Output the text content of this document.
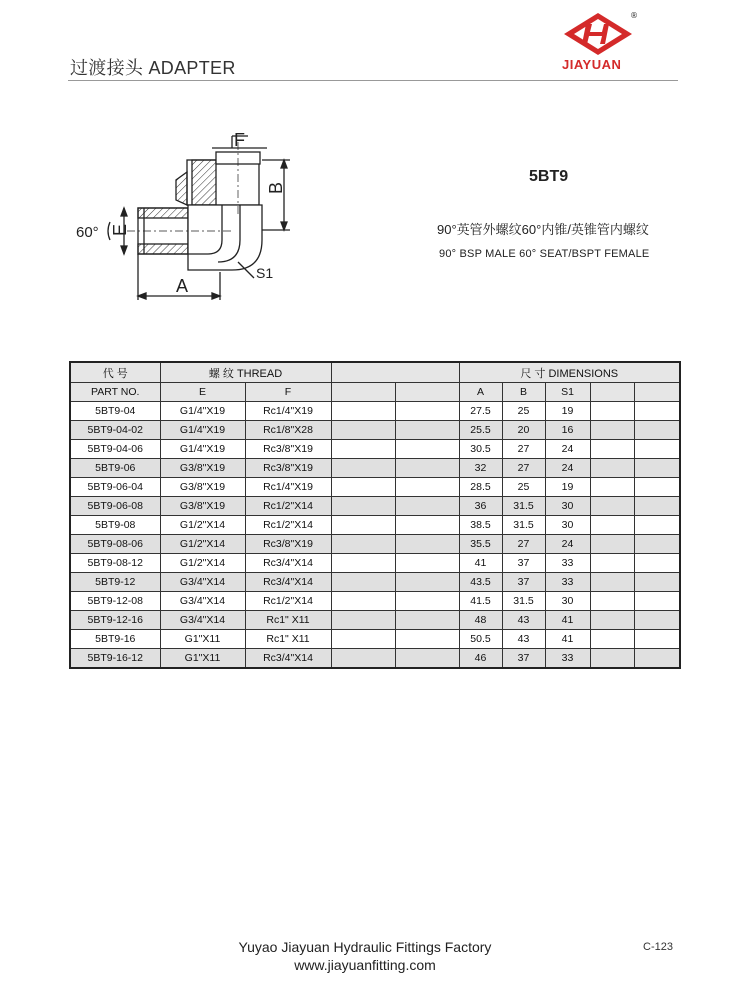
过渡接头 ADAPTER
®
JIAYUAN
F
B
E
A
S1
60°
5BT9
90°英管外螺纹60°内锥/英锥管内螺纹
90° BSP MALE 60° SEAT/BSPT FEMALE
代 号	螺 纹 THREAD				尺 寸 DIMENSIONS				
PART NO.	E	F			A	B	S1		
5BT9-04	G1/4"X19	Rc1/4"X19			27.5	25	19		
5BT9-04-02	G1/4"X19	Rc1/8"X28			25.5	20	16		
5BT9-04-06	G1/4"X19	Rc3/8"X19			30.5	27	24		
5BT9-06	G3/8"X19	Rc3/8"X19			32	27	24		
5BT9-06-04	G3/8"X19	Rc1/4"X19			28.5	25	19		
5BT9-06-08	G3/8"X19	Rc1/2"X14			36	31.5	30		
5BT9-08	G1/2"X14	Rc1/2"X14			38.5	31.5	30		
5BT9-08-06	G1/2"X14	Rc3/8"X19			35.5	27	24		
5BT9-08-12	G1/2"X14	Rc3/4"X14			41	37	33		
5BT9-12	G3/4"X14	Rc3/4"X14			43.5	37	33		
5BT9-12-08	G3/4"X14	Rc1/2"X14			41.5	31.5	30		
5BT9-12-16	G3/4"X14	Rc1" X11			48	43	41		
5BT9-16	G1"X11	Rc1" X11			50.5	43	41		
5BT9-16-12	G1"X11	Rc3/4"X14			46	37	33		
Yuyao Jiayuan Hydraulic Fittings Factory
www.jiayuanfitting.com
C-123
